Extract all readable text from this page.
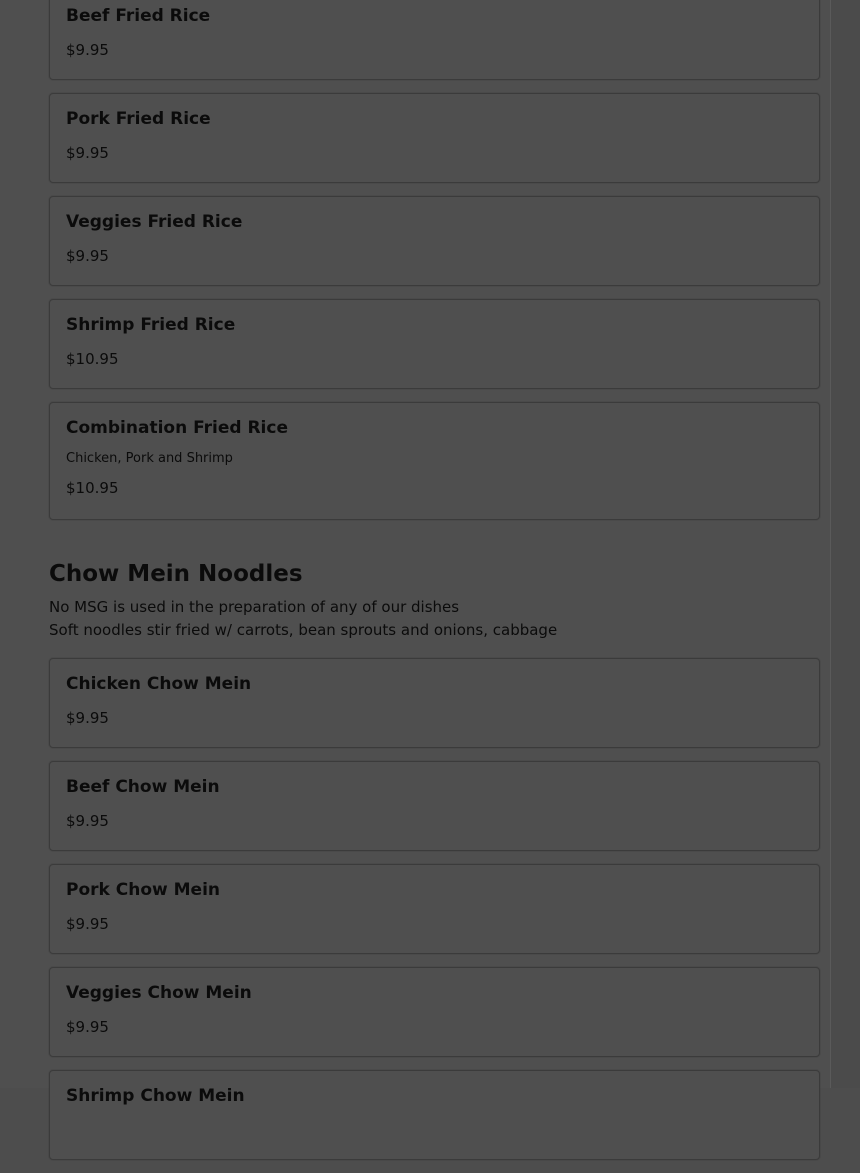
Beef Fried Rice
$9.95
Pork Fried Rice
$9.95
Veggies Fried Rice
$9.95
Shrimp Fried Rice
$10.95
Combination Fried Rice
Chicken, Pork and Shrimp
$10.95
Chow Mein Noodles
No MSG is used in the preparation of any of our dishes
Soft noodles stir fried w/ carrots, bean sprouts and onions, cabbage
Chicken Chow Mein
$9.95
Beef Chow Mein
$9.95
Pork Chow Mein
$9.95
Veggies Chow Mein
$9.95
Shrimp Chow Mein
